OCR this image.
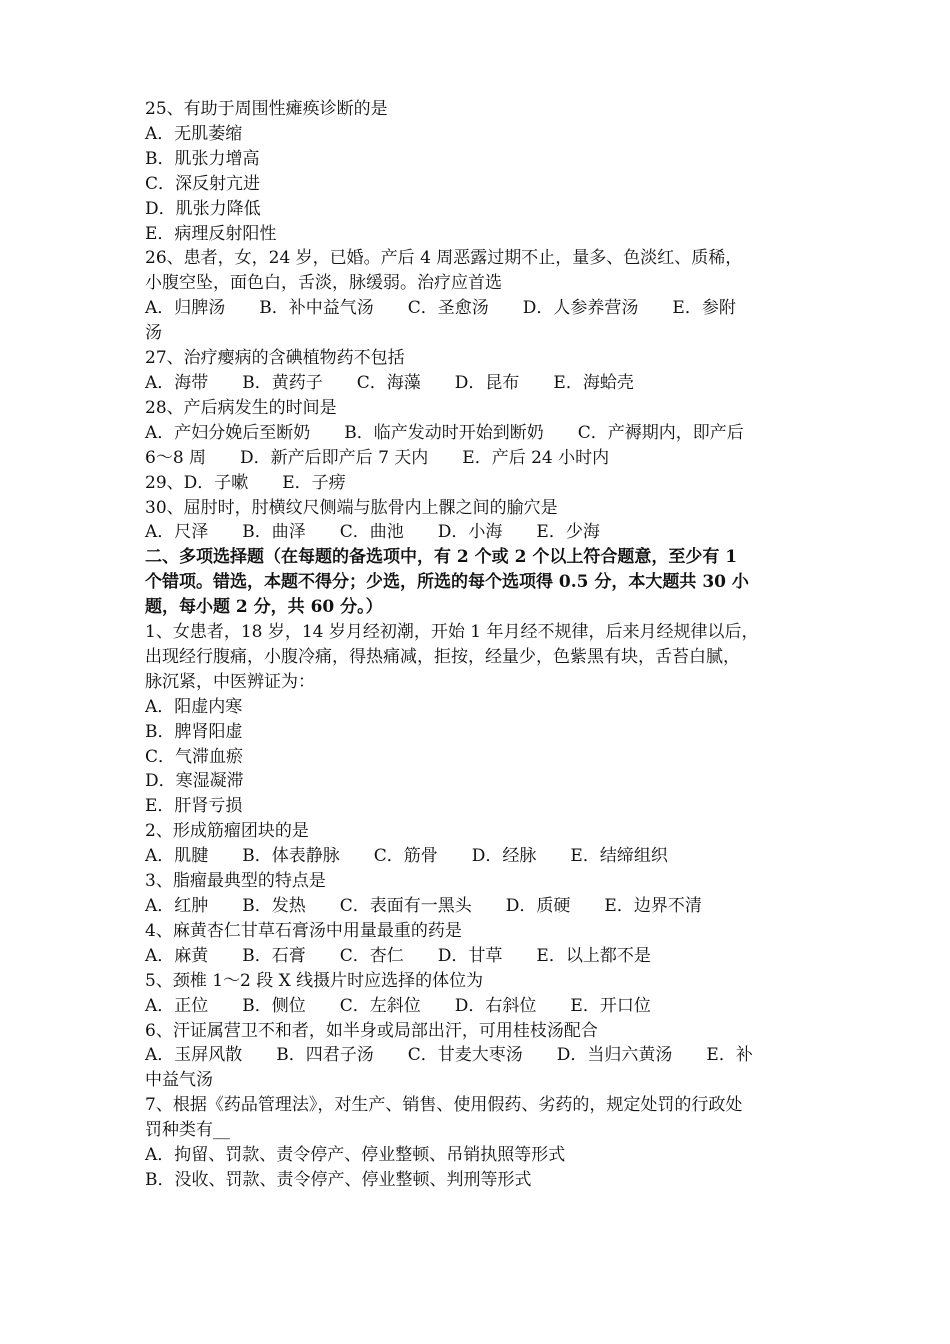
25、有助于周围性瘫痪诊断的是
A．无肌萎缩
B．肌张力增高
C．深反射亢进
D．肌张力降低
E．病理反射阳性
26、患者，女，24 岁，已婚。产后 4 周恶露过期不止，量多、色淡红、质稀，
小腹空坠，面色白，舌淡，脉缓弱。治疗应首选
A．归脾汤　　B．补中益气汤　　C．圣愈汤　　D．人参养营汤　　E．参附
汤
27、治疗瘿病的含碘植物药不包括
A．海带　　B．黄药子　　C．海藻　　D．昆布　　E．海蛤壳
28、产后病发生的时间是
A．产妇分娩后至断奶　　B．临产发动时开始到断奶　　C．产褥期内，即产后
6～8 周　　D．新产后即产后 7 天内　　E．产后 24 小时内
29、D．子嗽　　E．子痨
30、屈肘时，肘横纹尺侧端与肱骨内上髁之间的腧穴是
A．尺泽　　B．曲泽　　C．曲池　　D．小海　　E．少海
二、多项选择题（在每题的备选项中，有 2 个或 2 个以上符合题意，至少有 1
个错项。错选，本题不得分；少选，所选的每个选项得 0.5 分，本大题共 30 小
题，每小题 2 分，共 60 分。）
1、女患者，18 岁，14 岁月经初潮，开始 1 年月经不规律，后来月经规律以后，
出现经行腹痛，小腹冷痛，得热痛减，拒按，经量少，色紫黑有块，舌苔白腻，
脉沉紧，中医辨证为：
A．阳虚内寒
B．脾肾阳虚
C．气滞血瘀
D．寒湿凝滞
E．肝肾亏损
2、形成筋瘤团块的是
A．肌腱　　B．体表静脉　　C．筋骨　　D．经脉　　E．结缔组织
3、脂瘤最典型的特点是
A．红肿　　B．发热　　C．表面有一黑头　　D．质硬　　E．边界不清
4、麻黄杏仁甘草石膏汤中用量最重的药是
A．麻黄　　B．石膏　　C．杏仁　　D．甘草　　E．以上都不是
5、颈椎 1～2 段 X 线摄片时应选择的体位为
A．正位　　B．侧位　　C．左斜位　　D．右斜位　　E．开口位
6、汗证属营卫不和者，如半身或局部出汗，可用桂枝汤配合
A．玉屏风散　　B．四君子汤　　C．甘麦大枣汤　　D．当归六黄汤　　E．补
中益气汤
7、根据《药品管理法》，对生产、销售、使用假药、劣药的，规定处罚的行政处
罚种类有__
A．拘留、罚款、责令停产、停业整顿、吊销执照等形式
B．没收、罚款、责令停产、停业整顿、判刑等形式
